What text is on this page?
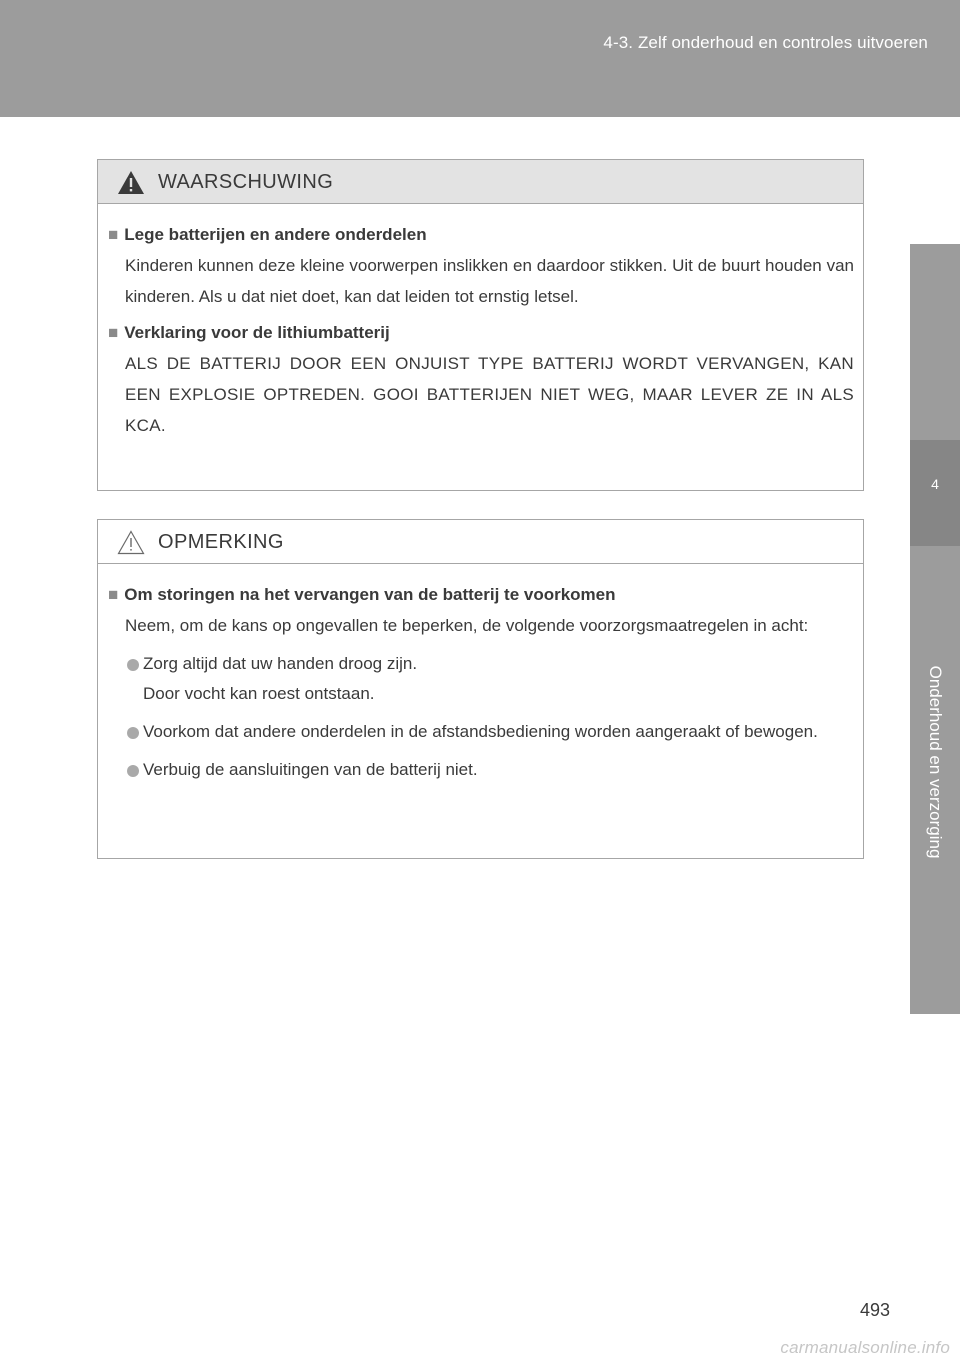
4-3. Zelf onderhoud en controles uitvoeren
4
Onderhoud en verzorging
WAARSCHUWING
■ Lege batterijen en andere onderdelen
Kinderen kunnen deze kleine voorwerpen inslikken en daardoor stikken. Uit de buurt houden van kinderen. Als u dat niet doet, kan dat leiden tot ernstig letsel.
■ Verklaring voor de lithiumbatterij
ALS DE BATTERIJ DOOR EEN ONJUIST TYPE BATTERIJ WORDT VERVANGEN, KAN EEN EXPLOSIE OPTREDEN. GOOI BATTERIJEN NIET WEG, MAAR LEVER ZE IN ALS KCA.
OPMERKING
■ Om storingen na het vervangen van de batterij te voorkomen
Neem, om de kans op ongevallen te beperken, de volgende voorzorgsmaatregelen in acht:
Zorg altijd dat uw handen droog zijn.
Door vocht kan roest ontstaan.
Voorkom dat andere onderdelen in de afstandsbediening worden aangeraakt of bewogen.
Verbuig de aansluitingen van de batterij niet.
493
carmanualsonline.info
